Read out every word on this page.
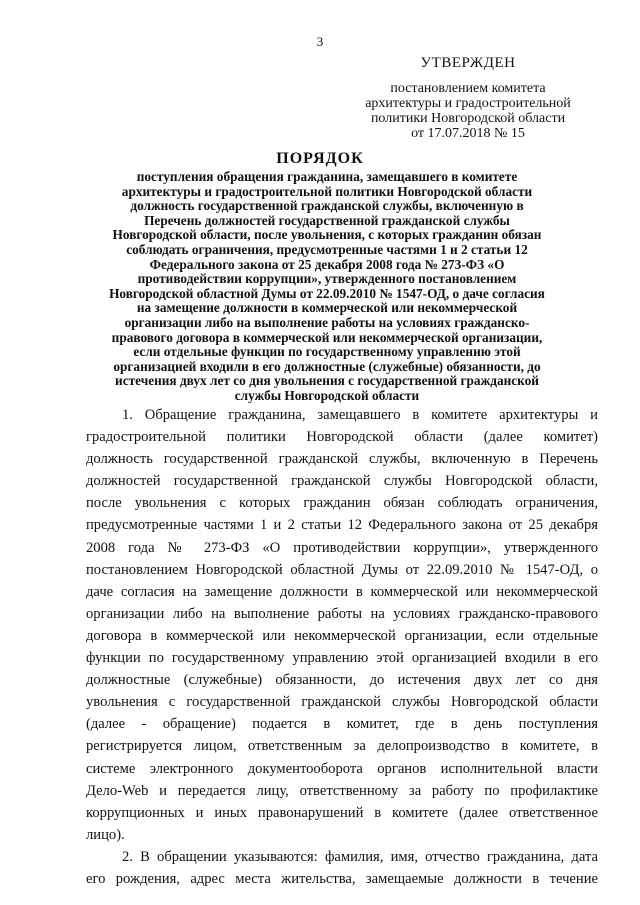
3
УТВЕРЖДЕН
постановлением комитета
архитектуры и градостроительной
политики Новгородской области
от 17.07.2018 № 15
ПОРЯДОК
поступления обращения гражданина, замещавшего в комитете
архитектуры и градостроительной политики Новгородской области
должность государственной гражданской службы, включенную в
Перечень должностей государственной гражданской службы
Новгородской области, после увольнения, с которых гражданин обязан
соблюдать ограничения, предусмотренные частями 1 и 2 статьи 12
Федерального закона от 25 декабря 2008 года № 273-ФЗ «О
противодействии коррупции», утвержденного постановлением
Новгородской областной Думы от 22.09.2010 № 1547-ОД, о даче согласия
на замещение должности в коммерческой или некоммерческой
организации либо на выполнение работы на условиях гражданско-
правового договора в коммерческой или некоммерческой организации,
если отдельные функции по государственному управлению этой
организацией входили в его должностные (служебные) обязанности, до
истечения двух лет со дня увольнения с государственной гражданской
службы Новгородской области
1. Обращение гражданина, замещавшего в комитете архитектуры и
градостроительной политики Новгородской области (далее комитет)
должность государственной гражданской службы, включенную в Перечень
должностей государственной гражданской службы Новгородской области,
после увольнения с которых гражданин обязан соблюдать ограничения,
предусмотренные частями 1 и 2 статьи 12 Федерального закона от 25 декабря
2008 года № 273-ФЗ «О противодействии коррупции», утвержденного
постановлением Новгородской областной Думы от 22.09.2010 № 1547-ОД, о
даче согласия на замещение должности в коммерческой или некоммерческой
организации либо на выполнение работы на условиях гражданско-правового
договора в коммерческой или некоммерческой организации, если отдельные
функции по государственному управлению этой организацией входили в его
должностные (служебные) обязанности, до истечения двух лет со дня
увольнения с государственной гражданской службы Новгородской области
(далее - обращение) подается в комитет, где в день поступления
регистрируется лицом, ответственным за делопроизводство в комитете, в
системе электронного документооборота органов исполнительной власти
Дело-Web и передается лицу, ответственному за работу по профилактике
коррупционных и иных правонарушений в комитете (далее ответственное
лицо).
2. В обращении указываются: фамилия, имя, отчество гражданина, дата
его рождения, адрес места жительства, замещаемые должности в течение
